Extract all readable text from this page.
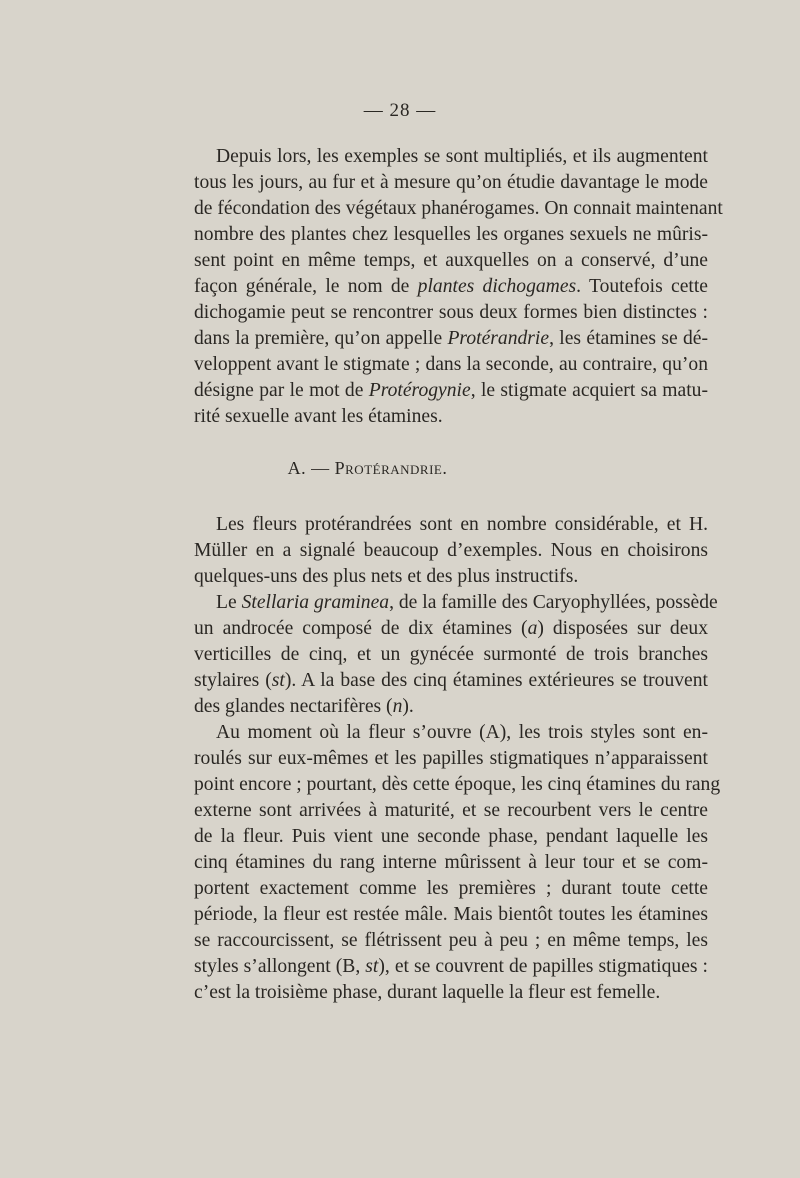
— 28 —
Depuis lors, les exemples se sont multipliés, et ils augmentent
tous les jours, au fur et à mesure qu’on étudie davantage le mode
de fécondation des végétaux phanérogames. On connait maintenant
nombre des plantes chez lesquelles les organes sexuels ne mûris-
sent point en même temps, et auxquelles on a conservé, d’une
façon générale, le nom de plantes dichogames. Toutefois cette
dichogamie peut se rencontrer sous deux formes bien distinctes :
dans la première, qu’on appelle Protérandrie, les étamines se dé-
veloppent avant le stigmate ; dans la seconde, au contraire, qu’on
désigne par le mot de Protérogynie, le stigmate acquiert sa matu-
rité sexuelle avant les étamines.
A. — Protérandrie.
Les fleurs protérandrées sont en nombre considérable, et H.
Müller en a signalé beaucoup d’exemples. Nous en choisirons
quelques-uns des plus nets et des plus instructifs.
Le Stellaria graminea, de la famille des Caryophyllées, possède
un androcée composé de dix étamines (a) disposées sur deux
verticilles de cinq, et un gynécée surmonté de trois branches
stylaires (st). A la base des cinq étamines extérieures se trouvent
des glandes nectarifères (n).
Au moment où la fleur s’ouvre (A), les trois styles sont en-
roulés sur eux-mêmes et les papilles stigmatiques n’apparaissent
point encore ; pourtant, dès cette époque, les cinq étamines du rang
externe sont arrivées à maturité, et se recourbent vers le centre
de la fleur. Puis vient une seconde phase, pendant laquelle les
cinq étamines du rang interne mûrissent à leur tour et se com-
portent exactement comme les premières ; durant toute cette
période, la fleur est restée mâle. Mais bientôt toutes les étamines
se raccourcissent, se flétrissent peu à peu ; en même temps, les
styles s’allongent (B, st), et se couvrent de papilles stigmatiques :
c’est la troisième phase, durant laquelle la fleur est femelle.
